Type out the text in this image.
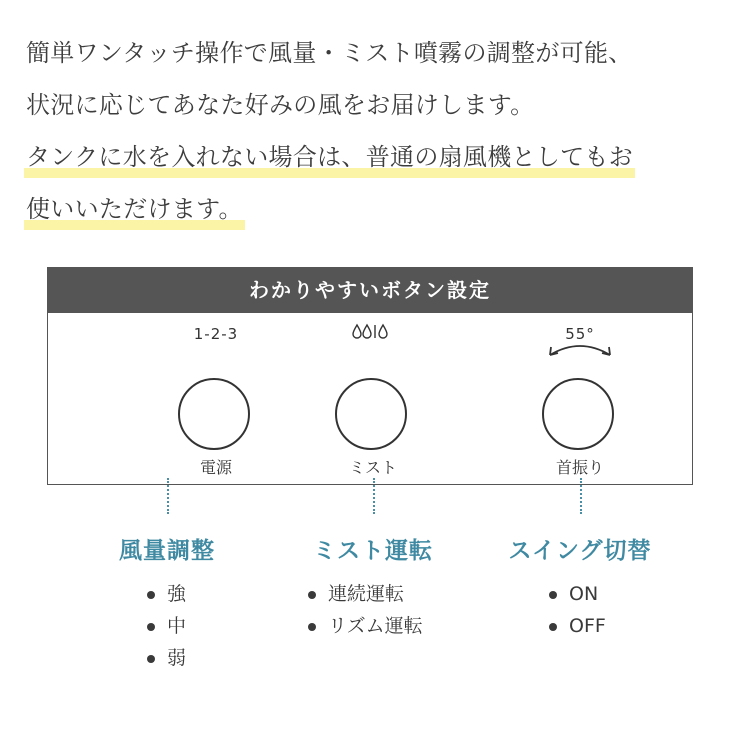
簡単ワンタッチ操作で風量・ミスト噴霧の調整が可能、
状況に応じてあなた好みの風をお届けします。
タンクに水を入れない場合は、普通の扇風機としてもお
使いいただけます。
わかりやすいボタン設定
1-2-3
電源	ミスト
55°
首振り
風量調整	ミスト運転	スイング切替
強
中
弱
連続運転
リズム運転
ON
OFF
